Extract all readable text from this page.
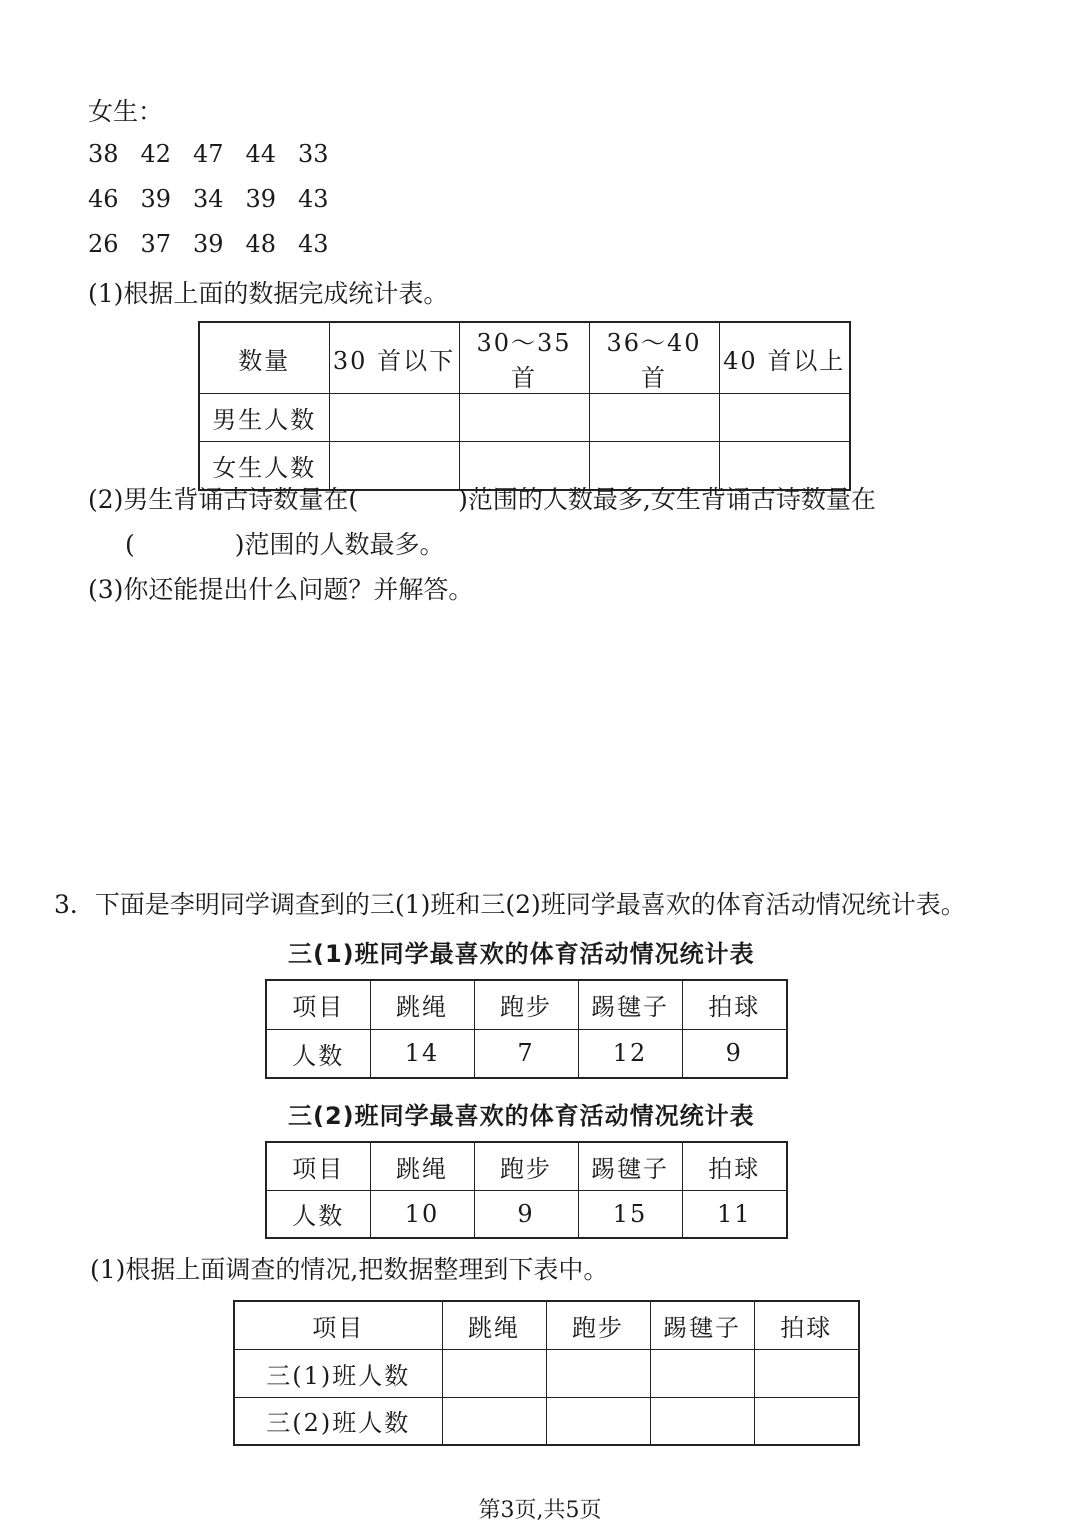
女生：
38 42 47 44 33
46 39 34 39 43
26 37 39 48 43
(1)根据上面的数据完成统计表。
数量	30 首以下	30～35 首	36～40 首	40 首以上
男生人数				
女生人数				
(2)男生背诵古诗数量在(　　　　)范围的人数最多,女生背诵古诗数量在
(　　　　)范围的人数最多。
(3)你还能提出什么问题？并解答。
3．下面是李明同学调查到的三(1)班和三(2)班同学最喜欢的体育活动情况统计表。
三(1)班同学最喜欢的体育活动情况统计表
项目	跳绳	跑步	踢毽子	拍球
人数	14	7	12	9
三(2)班同学最喜欢的体育活动情况统计表
项目	跳绳	跑步	踢毽子	拍球
人数	10	9	15	11
(1)根据上面调查的情况,把数据整理到下表中。
项目	跳绳	跑步	踢毽子	拍球
三(1)班人数				
三(2)班人数				
第3页,共5页
